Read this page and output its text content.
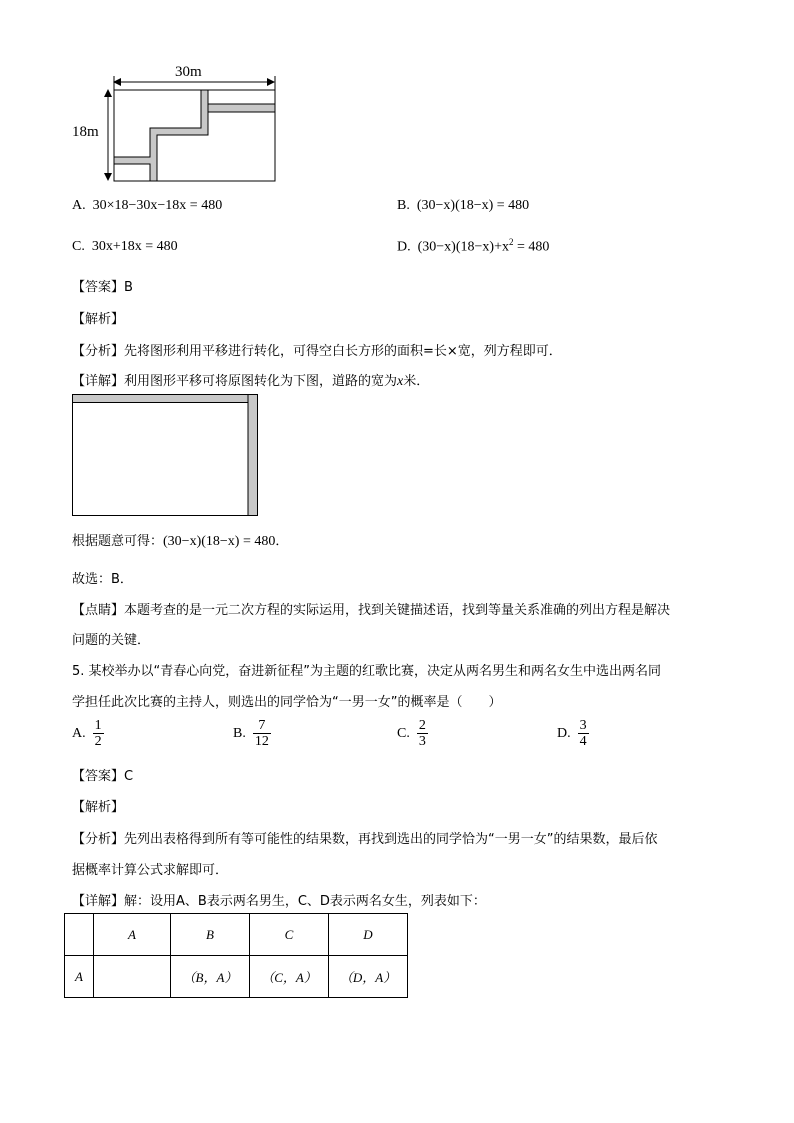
30m
18m
A. 30×18−30x−18x = 480	B. (30−x)(18−x) = 480
C. 30x+18x = 480	D. $(30-x)(18-x)+x^2 = 480$
【答案】B
【解析】
【分析】先将图形利用平移进行转化，可得空白长方形的面积=长×宽，列方程即可．
【详解】利用图形平移可将原图转化为下图，道路的宽为x米．
根据题意可得：(30−x)(18−x) = 480．
故选：B．
【点睛】本题考查的是一元二次方程的实际运用，找到关键描述语，找到等量关系准确的列出方程是解决
问题的关键．
5. 某校举办以“青春心向党，奋进新征程”为主题的红歌比赛，决定从两名男生和两名女生中选出两名同
学担任此次比赛的主持人，则选出的同学恰为“一男一女”的概率是（　　）
A. $\frac{1}{2}$	B. $\frac{7}{12}$	C. $\frac{2}{3}$	D. $\frac{3}{4}$
【答案】C
【解析】
【分析】先列出表格得到所有等可能性的结果数，再找到选出的同学恰为“一男一女”的结果数，最后依
据概率计算公式求解即可．
【详解】解：设用A、B表示两名男生，C、D表示两名女生，列表如下：
	A	B	C	D
A		（B，A）	（C，A）	（D，A）
